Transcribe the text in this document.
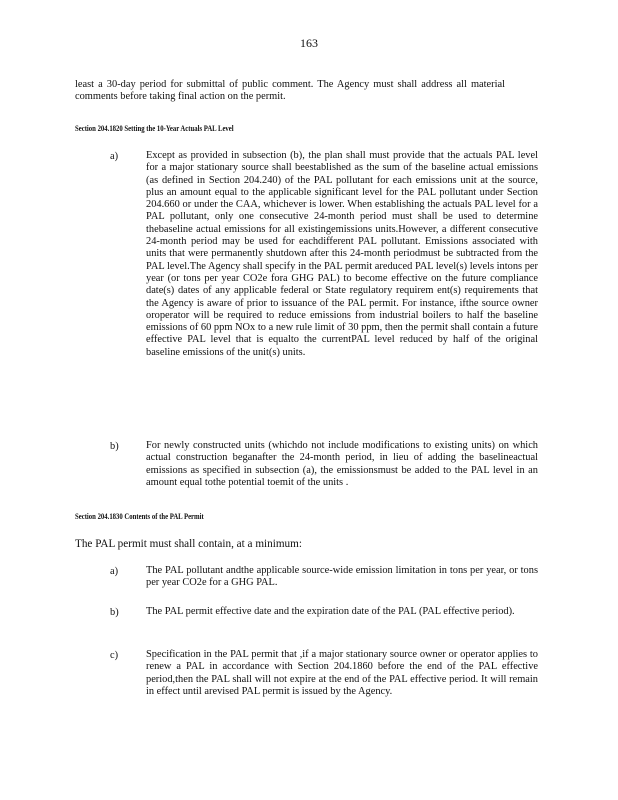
163
least a 30-day period for submittal of public comment. The Agency must shall address all material comments before taking final action on the permit.
Section 204.1820 Setting the 10-Year Actuals PAL Level
a)	Except as provided in subsection (b), the plan shall must provide that the actuals PAL level for a major stationary source shall beestablished as the sum of the baseline actual emissions (as defined in Section 204.240) of the PAL pollutant for each emissions unit at the source, plus an amount equal to the applicable significant level for the PAL pollutant under Section 204.660 or under the CAA, whichever is lower. When establishing the actuals PAL level for a PAL pollutant, only one consecutive 24-month period must shall be used to determine thebaseline actual emissions for all existingemissions units.However, a different consecutive 24-month period may be used for eachdifferent PAL pollutant. Emissions associated with units that were permanently shutdown after this 24-month periodmust be subtracted from the PAL level.The Agency shall specify in the PAL permit areduced PAL level(s) levels intons per year (or tons per year CO2e fora GHG PAL) to become effective on the future compliance date(s) dates of any applicable federal or State regulatory requirem ent(s) requirements that the Agency is aware of prior to issuance of the PAL permit. For instance, ifthe source owner oroperator will be required to reduce emissions from industrial boilers to half the baseline emissions of 60 ppm NOx to a new rule limit of 30 ppm, then the permit shall contain a future effective PAL level that is equalto the currentPAL level reduced by half of the original baseline emissions of the unit(s) units.
b)	For newly constructed units (whichdo not include modifications to existing units) on which actual construction beganafter the 24-month period, in lieu of adding the baselineactual emissions as specified in subsection (a), the emissionsmust be added to the PAL level in an amount equal tothe potential toemit of the units .
Section 204.1830 Contents of the PAL Permit
The PAL permit must shall contain, at a minimum:
a)	The PAL pollutant andthe applicable source-wide emission limitation in tons per year, or tons per year CO2e for a GHG PAL.
b)	The PAL permit effective date and the expiration date of the PAL (PAL effective period).
c)	Specification in the PAL permit that ,if a major stationary source owner or operator applies to renew a PAL in accordance with Section 204.1860 before the end of the PAL effective period,then the PAL shall will not expire at the end of the PAL effective period. It will remain in effect until arevised PAL permit is issued by the Agency.
